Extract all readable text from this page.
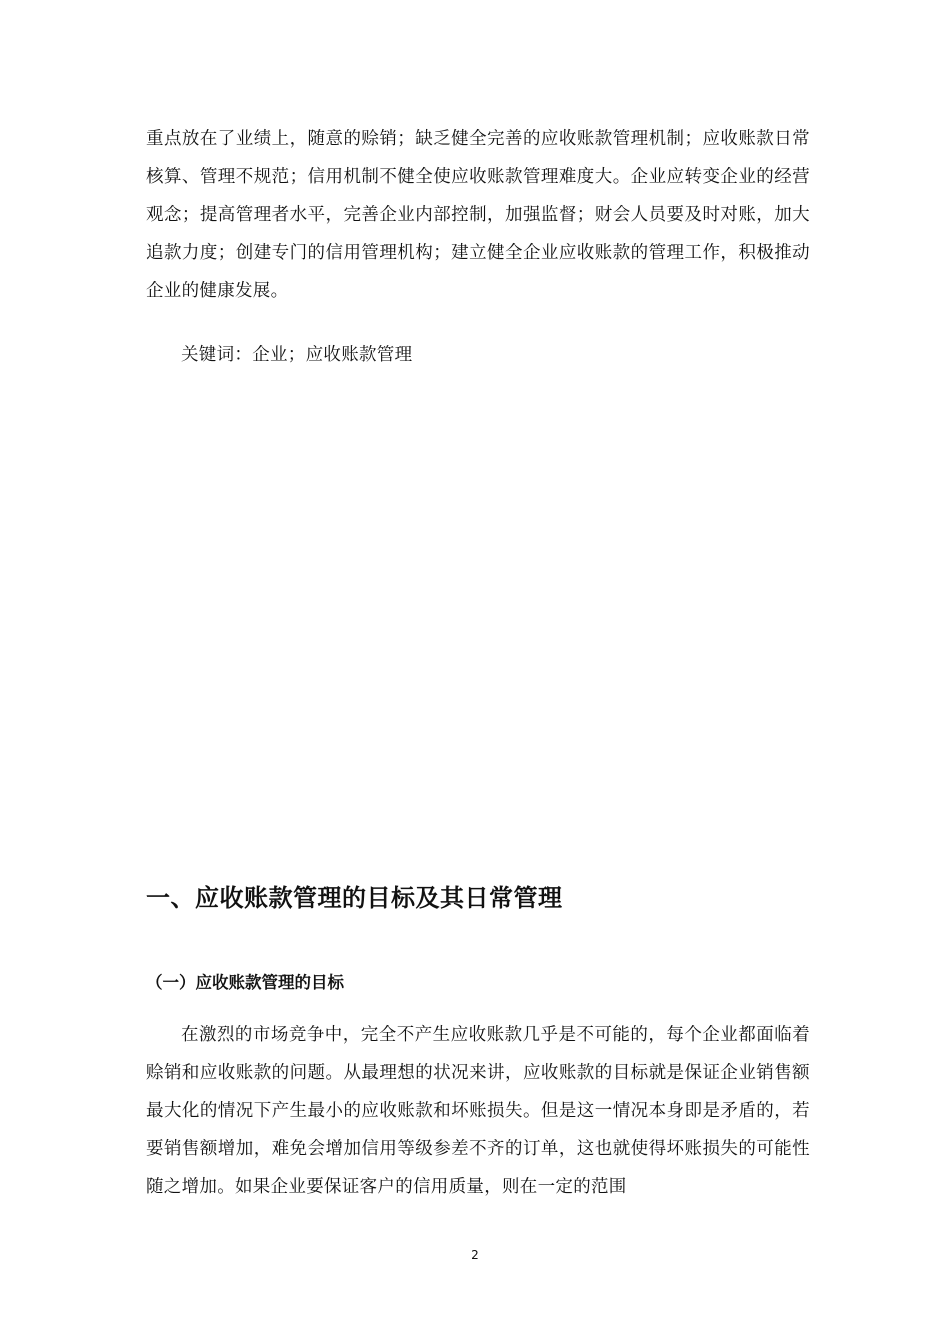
重点放在了业绩上，随意的赊销；缺乏健全完善的应收账款管理机制；应收账款日常核算、管理不规范；信用机制不健全使应收账款管理难度大。企业应转变企业的经营观念；提高管理者水平，完善企业内部控制，加强监督；财会人员要及时对账，加大追款力度；创建专门的信用管理机构；建立健全企业应收账款的管理工作，积极推动企业的健康发展。

关键词：企业；应收账款管理

一、应收账款管理的目标及其日常管理
（一）应收账款管理的目标

在激烈的市场竞争中，完全不产生应收账款几乎是不可能的，每个企业都面临着赊销和应收账款的问题。从最理想的状况来讲，应收账款的目标就是保证企业销售额最大化的情况下产生最小的应收账款和坏账损失。但是这一情况本身即是矛盾的，若要销售额增加，难免会增加信用等级参差不齐的订单，这也就使得坏账损失的可能性随之增加。如果企业要保证客户的信用质量，则在一定的范围

2
